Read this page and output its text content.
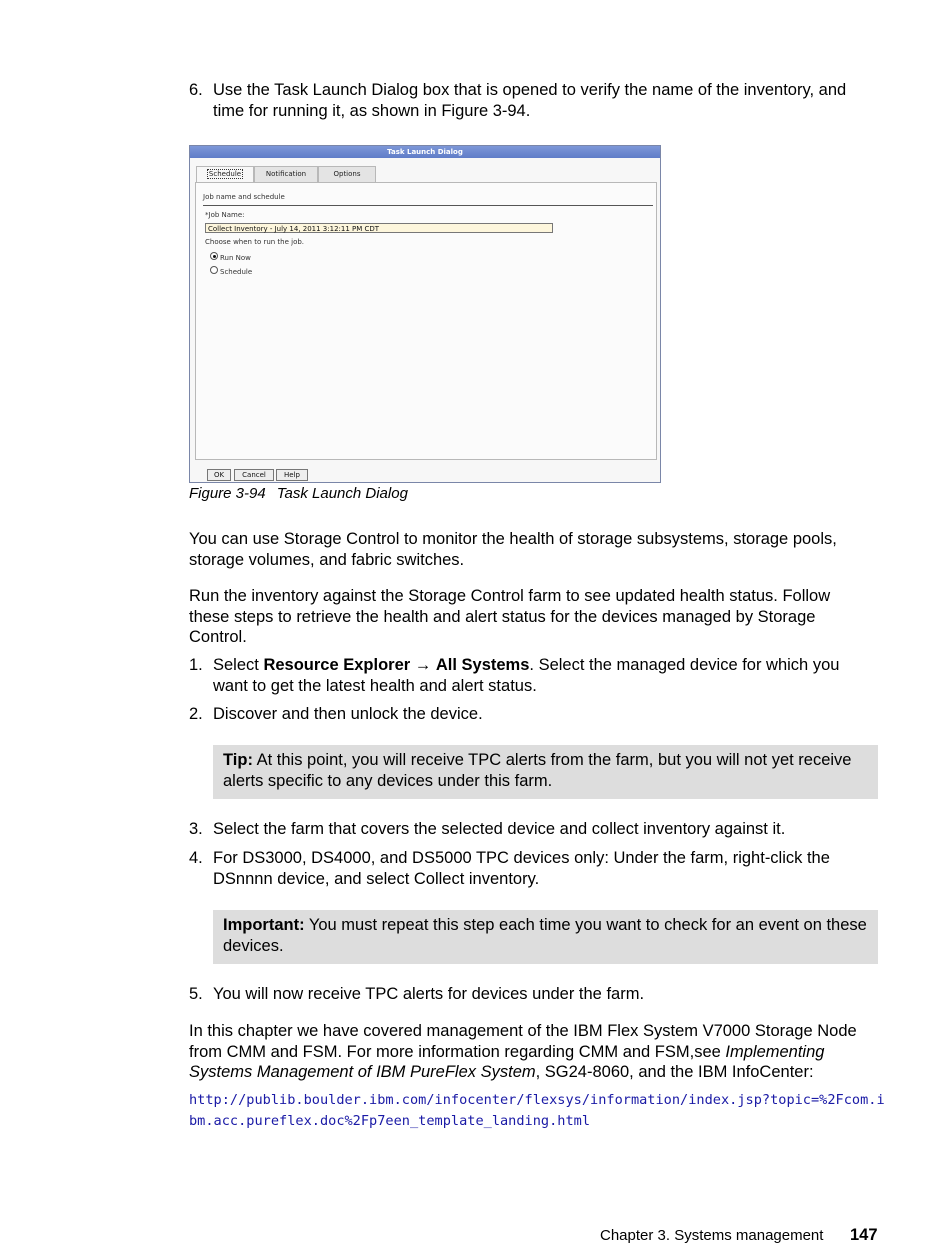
6. Use the Task Launch Dialog box that is opened to verify the name of the inventory, and time for running it, as shown in Figure 3-94.
Task Launch Dialog
Schedule	Notification	Options
Job name and schedule
*Job Name:
Collect Inventory - July 14, 2011 3:12:11 PM CDT
Choose when to run the job.
Run Now
Schedule
OK	Cancel	Help
Figure 3-94 Task Launch Dialog
You can use Storage Control to monitor the health of storage subsystems, storage pools, storage volumes, and fabric switches.
Run the inventory against the Storage Control farm to see updated health status. Follow these steps to retrieve the health and alert status for the devices managed by Storage Control.
1. Select Resource Explorer → All Systems. Select the managed device for which you want to get the latest health and alert status.
2. Discover and then unlock the device.
Tip: At this point, you will receive TPC alerts from the farm, but you will not yet receive alerts specific to any devices under this farm.
3. Select the farm that covers the selected device and collect inventory against it.
4. For DS3000, DS4000, and DS5000 TPC devices only: Under the farm, right-click the DSnnnn device, and select Collect inventory.
Important: You must repeat this step each time you want to check for an event on these devices.
5. You will now receive TPC alerts for devices under the farm.
In this chapter we have covered management of the IBM Flex System V7000 Storage Node from CMM and FSM. For more information regarding CMM and FSM,see Implementing Systems Management of IBM PureFlex System, SG24-8060, and the IBM InfoCenter:
http://publib.boulder.ibm.com/infocenter/flexsys/information/index.jsp?topic=%2Fcom.ibm.acc.pureflex.doc%2Fp7een_template_landing.html
Chapter 3. Systems management 147
